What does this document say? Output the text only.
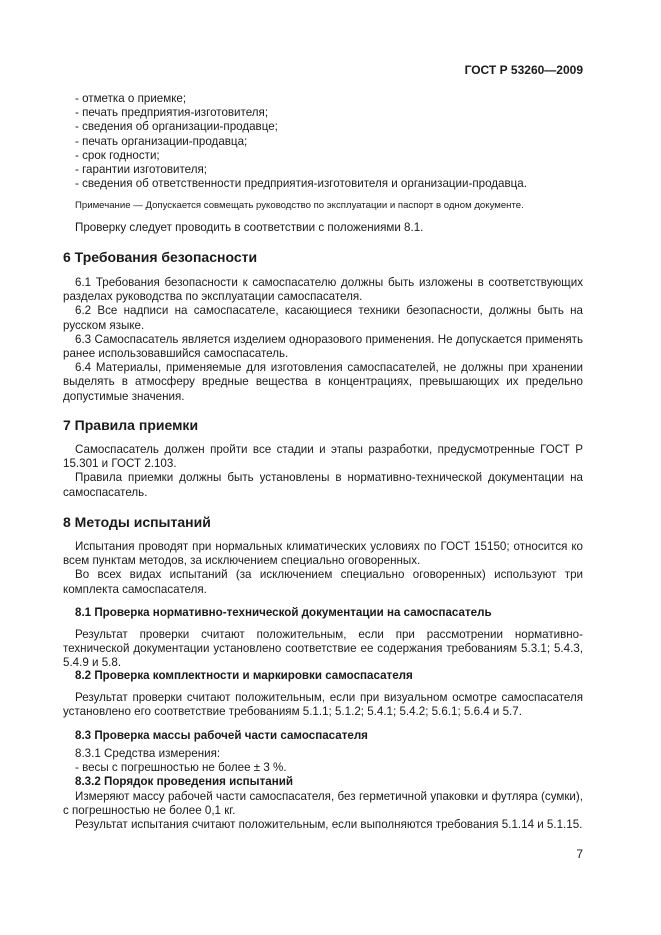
ГОСТ Р 53260—2009
- отметка о приемке;
- печать предприятия-изготовителя;
- сведения об организации-продавце;
- печать организации-продавца;
- срок годности;
- гарантии изготовителя;
- сведения об ответственности предприятия-изготовителя и организации-продавца.
Примечание — Допускается совмещать руководство по эксплуатации и паспорт в одном документе.
Проверку следует проводить в соответствии с положениями 8.1.
6 Требования безопасности
6.1 Требования безопасности к самоспасателю должны быть изложены в соответствующих разделах руководства по эксплуатации самоспасателя.
6.2 Все надписи на самоспасателе, касающиеся техники безопасности, должны быть на русском языке.
6.3 Самоспасатель является изделием одноразового применения. Не допускается применять ранее использовавшийся самоспасатель.
6.4 Материалы, применяемые для изготовления самоспасателей, не должны при хранении выделять в атмосферу вредные вещества в концентрациях, превышающих их предельно допустимые значения.
7 Правила приемки
Самоспасатель должен пройти все стадии и этапы разработки, предусмотренные ГОСТ Р 15.301 и ГОСТ 2.103.
Правила приемки должны быть установлены в нормативно-технической документации на самоспасатель.
8 Методы испытаний
Испытания проводят при нормальных климатических условиях по ГОСТ 15150; относится ко всем пунктам методов, за исключением специально оговоренных.
Во всех видах испытаний (за исключением специально оговоренных) используют три комплекта самоспасателя.
8.1 Проверка нормативно-технической документации на самоспасатель
Результат проверки считают положительным, если при рассмотрении нормативно-технической документации установлено соответствие ее содержания требованиям 5.3.1; 5.4.3, 5.4.9 и 5.8.
8.2 Проверка комплектности и маркировки самоспасателя
Результат проверки считают положительным, если при визуальном осмотре самоспасателя установлено его соответствие требованиям 5.1.1; 5.1.2; 5.4.1; 5.4.2; 5.6.1; 5.6.4 и 5.7.
8.3 Проверка массы рабочей части самоспасателя
8.3.1 Средства измерения:
- весы с погрешностью не более ± 3 %.
8.3.2 Порядок проведения испытаний
Измеряют массу рабочей части самоспасателя, без герметичной упаковки и футляра (сумки), с погрешностью не более 0,1 кг.
Результат испытания считают положительным, если выполняются требования 5.1.14 и 5.1.15.
7
